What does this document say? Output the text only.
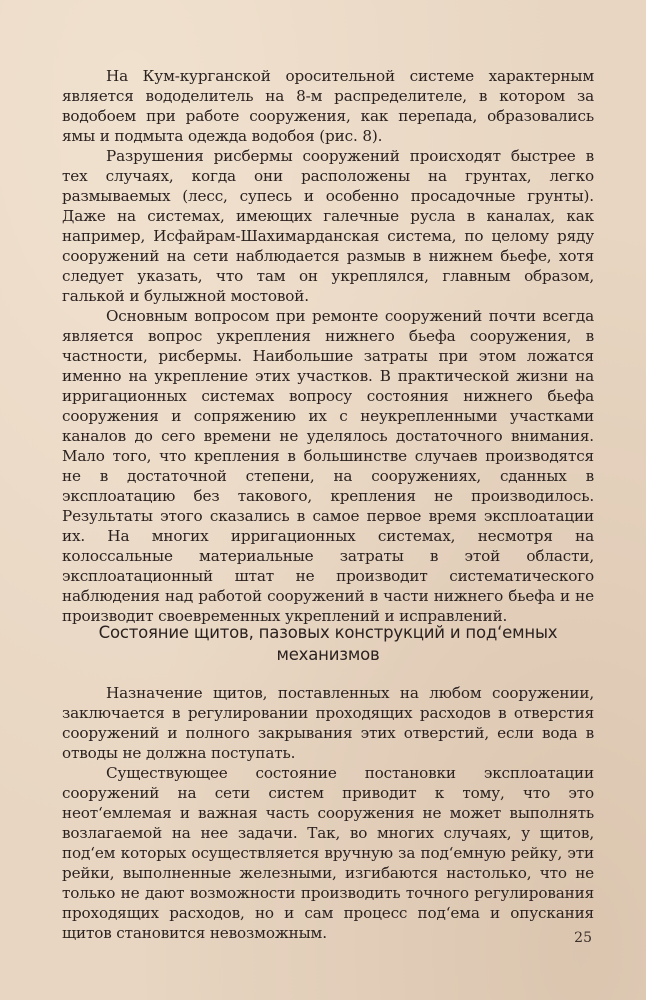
На Кум-курганской оросительной системе характерным является вододелитель на 8-м распределителе, в котором за водобоем при работе сооружения, как перепада, образовались ямы и подмыта одежда водобоя (рис. 8).

Разрушения рисбермы сооружений происходят быстрее в тех случаях, когда они расположены на грунтах, легко размываемых (лесс, супесь и особенно просадочные грунты). Даже на системах, имеющих галечные русла в каналах, как например, Исфайрам-Шахимарданская система, по целому ряду сооружений на сети наблюдается размыв в нижнем бьефе, хотя следует указать, что там он укреплялся, главным образом, галькой и булыжной мостовой.

Основным вопросом при ремонте сооружений почти всегда является вопрос укрепления нижнего бьефа сооружения, в частности, рисбермы. Наибольшие затраты при этом ложатся именно на укрепление этих участков. В практической жизни на ирригационных системах вопросу состояния нижнего бьефа сооружения и сопряжению их с неукрепленными участками каналов до сего времени не уделялось достаточного внимания. Мало того, что крепления в большинстве случаев производятся не в достаточной степени, на сооружениях, сданных в эксплоатацию без такового, крепления не производилось. Результаты этого сказались в самое первое время эксплоатации их. На многих ирригационных системах, несмотря на колоссальные материальные затраты в этой области, эксплоатационный штат не производит систематического наблюдения над работой сооружений в части нижнего бьефа и не производит своевременных укреплений и исправлений.

Состояние щитов, пазовых конструкций и под‘емных
механизмов

Назначение щитов, поставленных на любом сооружении, заключается в регулировании проходящих расходов в отверстия сооружений и полного закрывания этих отверстий, если вода в отводы не должна поступать.

Существующее состояние постановки эксплоатации сооружений на сети систем приводит к тому, что это неот‘емлемая и важная часть сооружения не может выполнять возлагаемой на нее задачи. Так, во многих случаях, у щитов, под‘ем которых осуществляется вручную за под‘емную рейку, эти рейки, выполненные железными, изгибаются настолько, что не только не дают возможности производить точного регулирования проходящих расходов, но и сам процесс под‘ема и опускания щитов становится невозможным.	25
